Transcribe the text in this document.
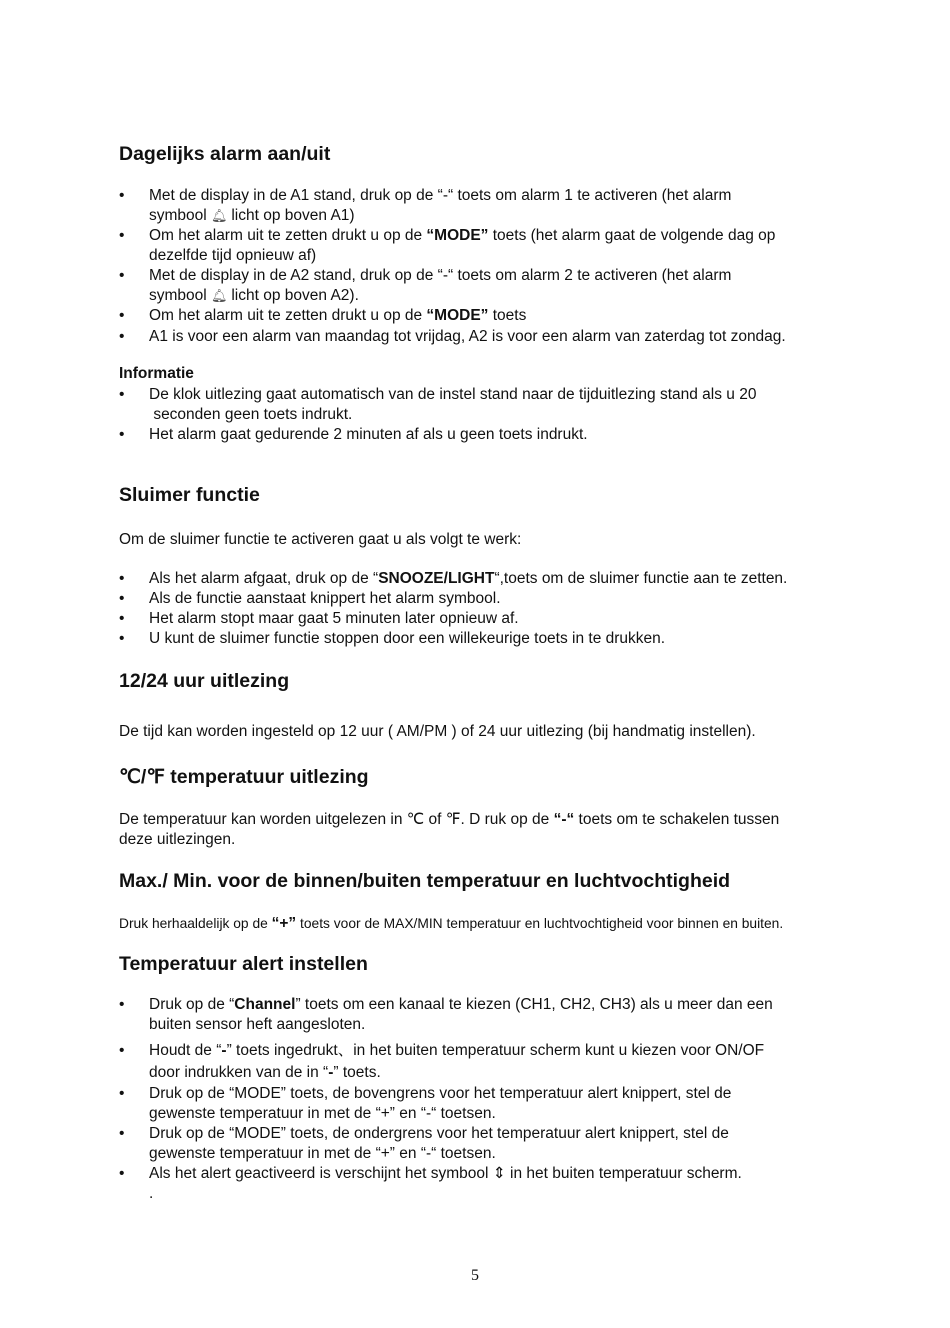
Dagelijks alarm aan/uit
• Met de display in de A1 stand, druk op de “-“ toets om alarm 1 te activeren (het alarm
symbool 🔔︎ licht op boven A1)
• Om het alarm uit te zetten drukt u op de “MODE” toets (het alarm gaat de volgende dag op
dezelfde tijd opnieuw af)
• Met de display in de A2 stand, druk op de “-“ toets om alarm 2 te activeren (het alarm
symbool 🔔︎ licht op boven A2).
• Om het alarm uit te zetten drukt u op de “MODE” toets
• A1 is voor een alarm van maandag tot vrijdag, A2 is voor een alarm van zaterdag tot zondag.
Informatie
• De klok uitlezing gaat automatisch van de instel stand naar de tijduitlezing stand als u 20
seconden geen toets indrukt.
• Het alarm gaat gedurende 2 minuten af als u geen toets indrukt.
Sluimer functie
Om de sluimer functie te activeren gaat u als volgt te werk:
• Als het alarm afgaat, druk op de “SNOOZE/LIGHT“,toets om de sluimer functie aan te zetten.
• Als de functie aanstaat knippert het alarm symbool.
• Het alarm stopt maar gaat 5 minuten later opnieuw af.
• U kunt de sluimer functie stoppen door een willekeurige toets in te drukken.
12/24 uur uitlezing
De tijd kan worden ingesteld op 12 uur ( AM/PM ) of 24 uur uitlezing (bij handmatig instellen).
℃/℉ temperatuur uitlezing
De temperatuur kan worden uitgelezen in ℃ of ℉. D ruk op de “-“ toets om te schakelen tussen
deze uitlezingen.
Max./ Min. voor de binnen/buiten temperatuur en luchtvochtigheid
Druk herhaaldelijk op de “+” toets voor de MAX/MIN temperatuur en luchtvochtigheid voor binnen en buiten.
Temperatuur alert instellen
• Druk op de “Channel” toets om een kanaal te kiezen (CH1, CH2, CH3) als u meer dan een
buiten sensor heft aangesloten.
• Houdt de “-” toets ingedrukt、in het buiten temperatuur scherm kunt u kiezen voor ON/OF
door indrukken van de in “-” toets.
• Druk op de “MODE” toets, de bovengrens voor het temperatuur alert knippert, stel de
gewenste temperatuur in met de “+” en “-“ toetsen.
• Druk op de “MODE” toets, de ondergrens voor het temperatuur alert knippert, stel de
gewenste temperatuur in met de “+” en “-“ toetsen.
• Als het alert geactiveerd is verschijnt het symbool ⇕ in het buiten temperatuur scherm.
.
5
